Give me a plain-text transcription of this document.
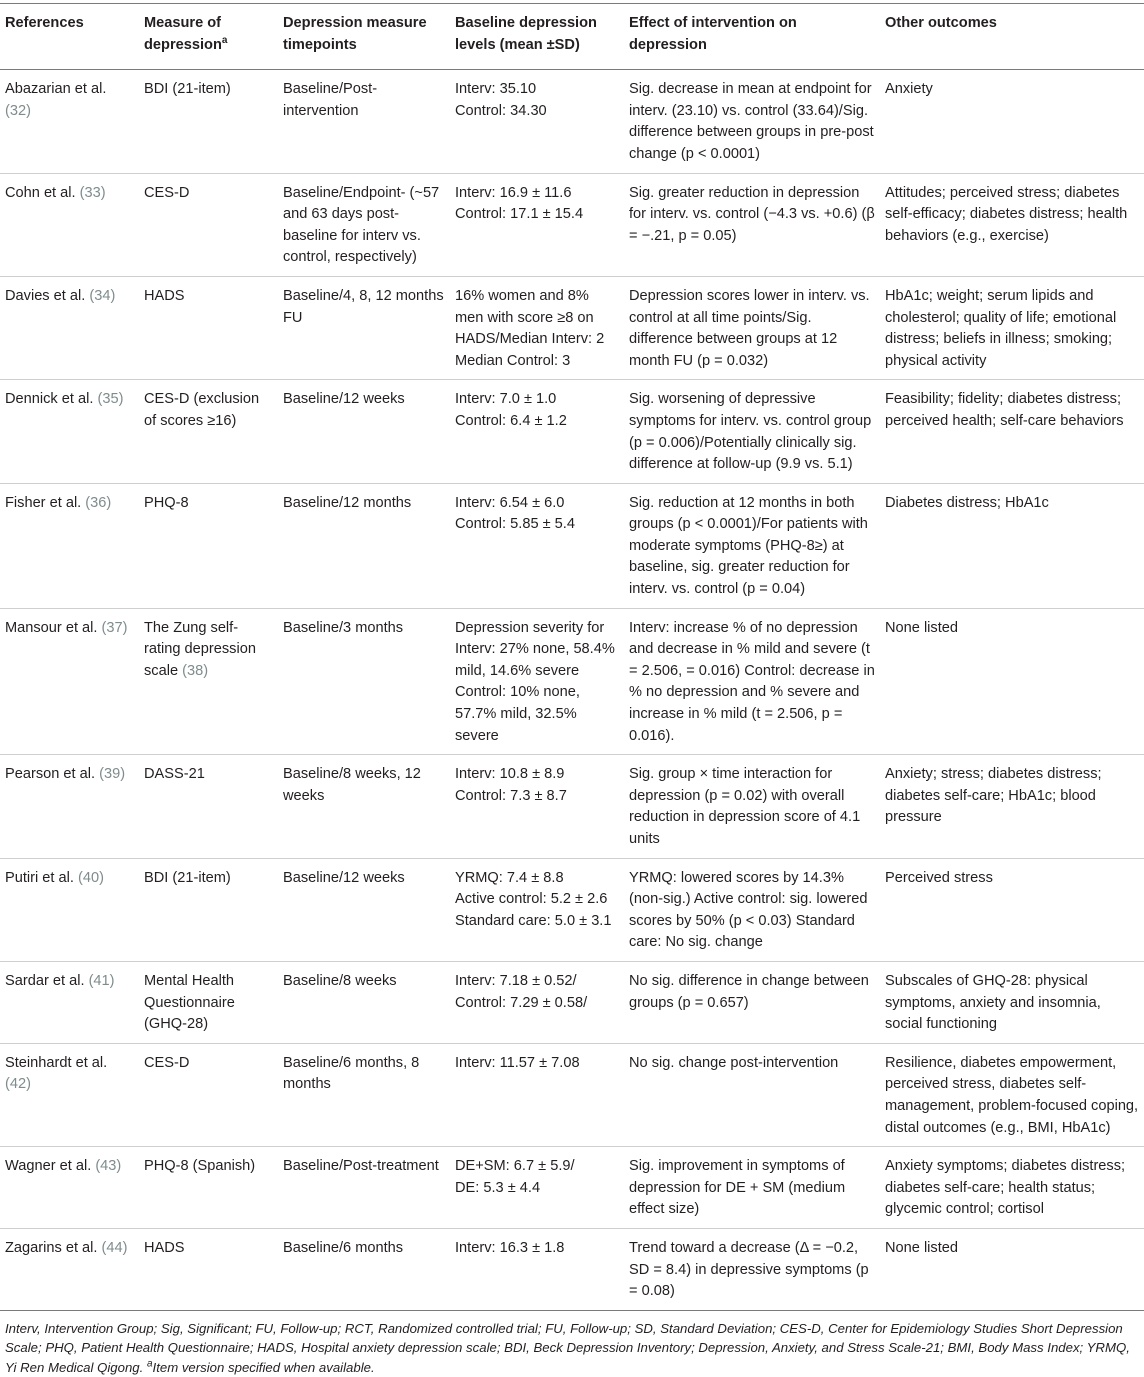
References	Measure of depression$^a$	Depression measure timepoints	Baseline depression levels (mean ±SD)	Effect of intervention on depression	Other outcomes
Abazarian et al. (32)	BDI (21-item)	Baseline/Post-intervention	Interv: 35.10
Control: 34.30	Sig. decrease in mean at endpoint for interv. (23.10) vs. control (33.64)/Sig. difference between groups in pre-post change (p < 0.0001)	Anxiety
Cohn et al. (33)	CES-D	Baseline/Endpoint- (~57 and 63 days post-baseline for interv vs. control, respectively)	Interv: 16.9 ± 11.6
Control: 17.1 ± 15.4	Sig. greater reduction in depression for interv. vs. control (−4.3 vs. +0.6) (β = −.21, p = 0.05)	Attitudes; perceived stress; diabetes self-efficacy; diabetes distress; health behaviors (e.g., exercise)
Davies et al. (34)	HADS	Baseline/4, 8, 12 months FU	16% women and 8% men with score ≥8 on HADS/Median Interv: 2 Median Control: 3	Depression scores lower in interv. vs. control at all time points/Sig. difference between groups at 12 month FU (p = 0.032)	HbA1c; weight; serum lipids and cholesterol; quality of life; emotional distress; beliefs in illness; smoking; physical activity
Dennick et al. (35)	CES-D (exclusion of scores ≥16)	Baseline/12 weeks	Interv: 7.0 ± 1.0
Control: 6.4 ± 1.2	Sig. worsening of depressive symptoms for interv. vs. control group (p = 0.006)/Potentially clinically sig. difference at follow-up (9.9 vs. 5.1)	Feasibility; fidelity; diabetes distress; perceived health; self-care behaviors
Fisher et al. (36)	PHQ-8	Baseline/12 months	Interv: 6.54 ± 6.0
Control: 5.85 ± 5.4	Sig. reduction at 12 months in both groups (p < 0.0001)/For patients with moderate symptoms (PHQ-8≥) at baseline, sig. greater reduction for interv. vs. control (p = 0.04)	Diabetes distress; HbA1c
Mansour et al. (37)	The Zung self-rating depression scale (38)	Baseline/3 months	Depression severity for Interv: 27% none, 58.4% mild, 14.6% severe Control: 10% none, 57.7% mild, 32.5% severe	Interv: increase % of no depression and decrease in % mild and severe (t = 2.506, = 0.016) Control: decrease in % no depression and % severe and increase in % mild (t = 2.506, p = 0.016).	None listed
Pearson et al. (39)	DASS-21	Baseline/8 weeks, 12 weeks	Interv: 10.8 ± 8.9
Control: 7.3 ± 8.7	Sig. group × time interaction for depression (p = 0.02) with overall reduction in depression score of 4.1 units	Anxiety; stress; diabetes distress; diabetes self-care; HbA1c; blood pressure
Putiri et al. (40)	BDI (21-item)	Baseline/12 weeks	YRMQ: 7.4 ± 8.8
Active control: 5.2 ± 2.6 Standard care: 5.0 ± 3.1	YRMQ: lowered scores by 14.3% (non-sig.) Active control: sig. lowered scores by 50% (p < 0.03) Standard care: No sig. change	Perceived stress
Sardar et al. (41)	Mental Health Questionnaire (GHQ-28)	Baseline/8 weeks	Interv: 7.18 ± 0.52/
Control: 7.29 ± 0.58/	No sig. difference in change between groups (p = 0.657)	Subscales of GHQ-28: physical symptoms, anxiety and insomnia, social functioning
Steinhardt et al. (42)	CES-D	Baseline/6 months, 8 months	Interv: 11.57 ± 7.08	No sig. change post-intervention	Resilience, diabetes empowerment, perceived stress, diabetes self-management, problem-focused coping, distal outcomes (e.g., BMI, HbA1c)
Wagner et al. (43)	PHQ-8 (Spanish)	Baseline/Post-treatment	DE+SM: 6.7 ± 5.9/
DE: 5.3 ± 4.4	Sig. improvement in symptoms of depression for DE + SM (medium effect size)	Anxiety symptoms; diabetes distress; diabetes self-care; health status; glycemic control; cortisol
Zagarins et al. (44)	HADS	Baseline/6 months	Interv: 16.3 ± 1.8	Trend toward a decrease (Δ = −0.2, SD = 8.4) in depressive symptoms (p = 0.08)	None listed
Interv, Intervention Group; Sig, Significant; FU, Follow-up; RCT, Randomized controlled trial; FU, Follow-up; SD, Standard Deviation; CES-D, Center for Epidemiology Studies Short Depression Scale; PHQ, Patient Health Questionnaire; HADS, Hospital anxiety depression scale; BDI, Beck Depression Inventory; Depression, Anxiety, and Stress Scale-21; BMI, Body Mass Index; YRMQ, Yi Ren Medical Qigong. $^a$Item version specified when available.
